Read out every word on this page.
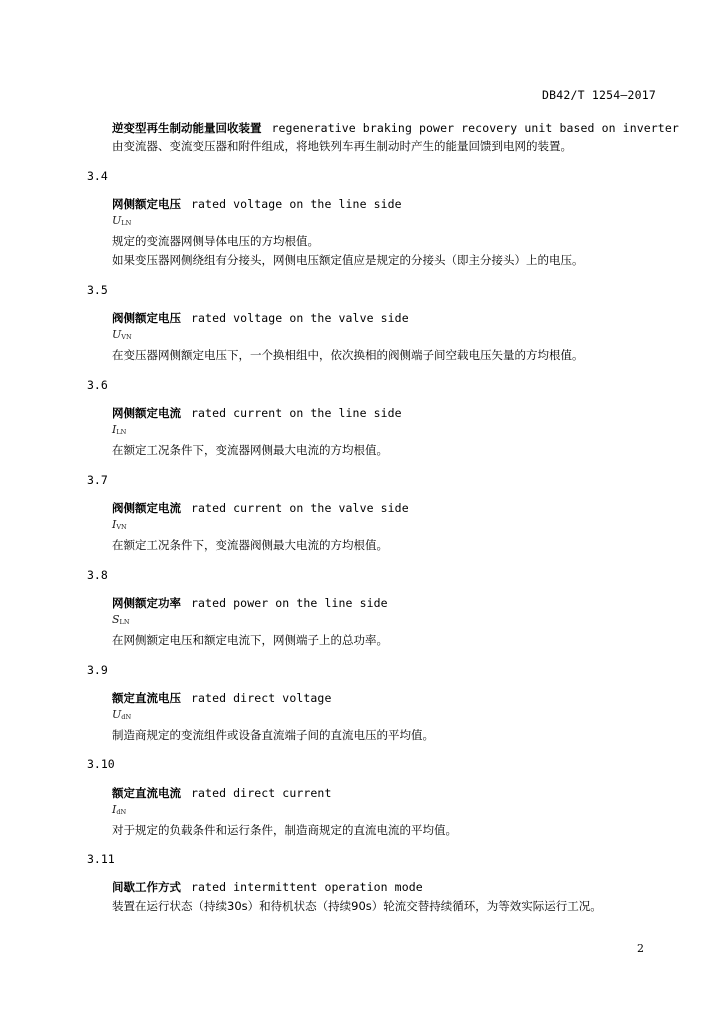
DB42/T 1254—2017
逆变型再生制动能量回收装置 regenerative braking power recovery unit based on inverter
由变流器、变流变压器和附件组成，将地铁列车再生制动时产生的能量回馈到电网的装置。
3.4
网侧额定电压 rated voltage on the line side
$U_{LN}$
规定的变流器网侧导体电压的方均根值。
如果变压器网侧绕组有分接头，网侧电压额定值应是规定的分接头（即主分接头）上的电压。
3.5
阀侧额定电压 rated voltage on the valve side
$U_{VN}$
在变压器网侧额定电压下，一个换相组中，依次换相的阀侧端子间空载电压矢量的方均根值。
3.6
网侧额定电流 rated current on the line side
$I_{LN}$
在额定工况条件下，变流器网侧最大电流的方均根值。
3.7
阀侧额定电流 rated current on the valve side
$I_{VN}$
在额定工况条件下，变流器阀侧最大电流的方均根值。
3.8
网侧额定功率 rated power on the line side
$S_{LN}$
在网侧额定电压和额定电流下，网侧端子上的总功率。
3.9
额定直流电压 rated direct voltage
$U_{dN}$
制造商规定的变流组件或设备直流端子间的直流电压的平均值。
3.10
额定直流电流 rated direct current
$I_{dN}$
对于规定的负载条件和运行条件，制造商规定的直流电流的平均值。
3.11
间歇工作方式 rated intermittent operation mode
装置在运行状态（持续30s）和待机状态（持续90s）轮流交替持续循环，为等效实际运行工况。
2
